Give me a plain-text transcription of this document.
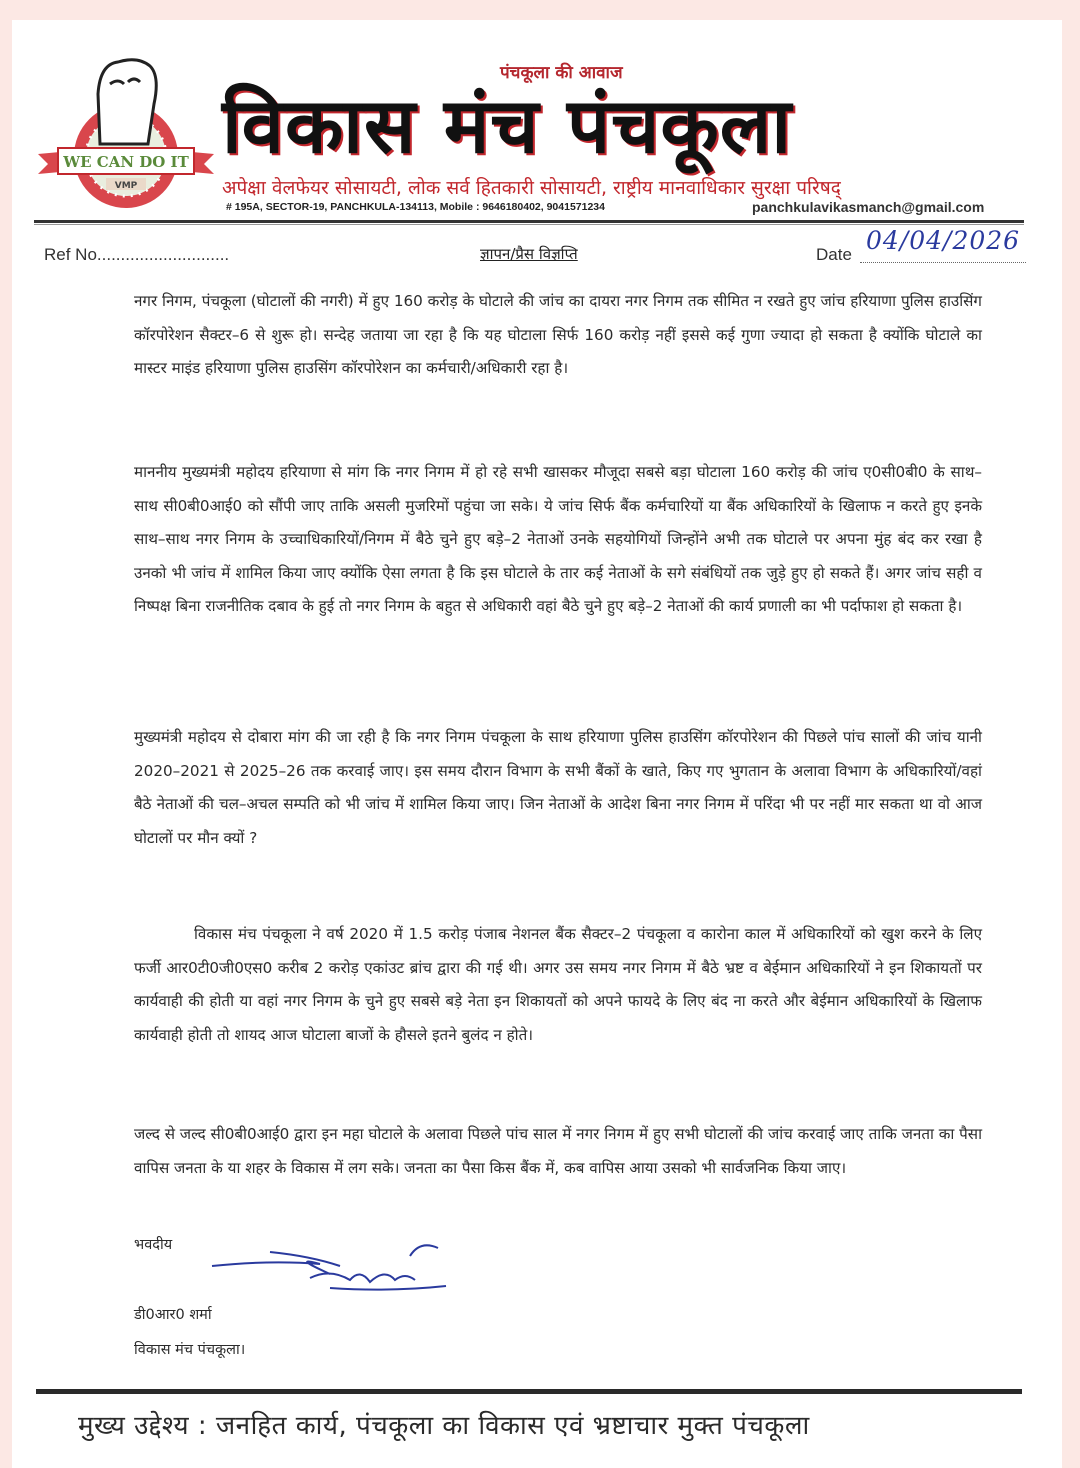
WE CAN DO IT
VMP
पंचकूला की आवाज
विकास मंच पंचकूला
अपेक्षा वेलफेयर सोसायटी, लोक सर्व हितकारी सोसायटी, राष्ट्रीय मानवाधिकार सुरक्षा परिषद्
# 195A, SECTOR-19, PANCHKULA-134113, Mobile : 9646180402, 9041571234	panchkulavikasmanch@gmail.com
Ref No............................	ज्ञापन/प्रैस विज्ञप्ति	Date 04/04/2026
नगर निगम, पंचकूला (घोटालों की नगरी) में हुए 160 करोड़ के घोटाले की जांच का दायरा नगर निगम तक सीमित न रखते हुए जांच हरियाणा पुलिस हाउसिंग कॉरपोरेशन सैक्टर–6 से शुरू हो। सन्देह जताया जा रहा है कि यह घोटाला सिर्फ 160 करोड़ नहीं इससे कई गुणा ज्यादा हो सकता है क्योंकि घोटाले का मास्टर माइंड हरियाणा पुलिस हाउसिंग कॉरपोरेशन का कर्मचारी/अधिकारी रहा है।
माननीय मुख्यमंत्री महोदय हरियाणा से मांग कि नगर निगम में हो रहे सभी खासकर मौजूदा सबसे बड़ा घोटाला 160 करोड़ की जांच ए0सी0बी0 के साथ–साथ सी0बी0आई0 को सौंपी जाए ताकि असली मुजरिमों पहुंचा जा सके। ये जांच सिर्फ बैंक कर्मचारियों या बैंक अधिकारियों के खिलाफ न करते हुए इनके साथ–साथ नगर निगम के उच्चाधिकारियों/निगम में बैठे चुने हुए बड़े–2 नेताओं उनके सहयोगियों जिन्होंने अभी तक घोटाले पर अपना मुंह बंद कर रखा है उनको भी जांच में शामिल किया जाए क्योंकि ऐसा लगता है कि इस घोटाले के तार कई नेताओं के सगे संबंधियों तक जुड़े हुए हो सकते हैं। अगर जांच सही व निष्पक्ष बिना राजनीतिक दबाव के हुई तो नगर निगम के बहुत से अधिकारी वहां बैठे चुने हुए बड़े–2 नेताओं की कार्य प्रणाली का भी पर्दाफाश हो सकता है।
मुख्यमंत्री महोदय से दोबारा मांग की जा रही है कि नगर निगम पंचकूला के साथ हरियाणा पुलिस हाउसिंग कॉरपोरेशन की पिछले पांच सालों की जांच यानी 2020–2021 से 2025–26 तक करवाई जाए। इस समय दौरान विभाग के सभी बैंकों के खाते, किए गए भुगतान के अलावा विभाग के अधिकारियों/वहां बैठे नेताओं की चल–अचल सम्पति को भी जांच में शामिल किया जाए। जिन नेताओं के आदेश बिना नगर निगम में परिंदा भी पर नहीं मार सकता था वो आज घोटालों पर मौन क्यों ?
विकास मंच पंचकूला ने वर्ष 2020 में 1.5 करोड़ पंजाब नेशनल बैंक सैक्टर–2 पंचकूला व कारोना काल में अधिकारियों को खुश करने के लिए फर्जी आर0टी0जी0एस0 करीब 2 करोड़ एकांउट ब्रांच द्वारा की गई थी। अगर उस समय नगर निगम में बैठे भ्रष्ट व बेईमान अधिकारियों ने इन शिकायतों पर कार्यवाही की होती या वहां नगर निगम के चुने हुए सबसे बड़े नेता इन शिकायतों को अपने फायदे के लिए बंद ना करते और बेईमान अधिकारियों के खिलाफ कार्यवाही होती तो शायद आज घोटाला बाजों के हौसले इतने बुलंद न होते।
जल्द से जल्द सी0बी0आई0 द्वारा इन महा घोटाले के अलावा पिछले पांच साल में नगर निगम में हुए सभी घोटालों की जांच करवाई जाए ताकि जनता का पैसा वापिस जनता के या शहर के विकास में लग सके। जनता का पैसा किस बैंक में, कब वापिस आया उसको भी सार्वजनिक किया जाए।
भवदीय
डी0आर0 शर्मा
विकास मंच पंचकूला।
मुख्य उद्देश्य : जनहित कार्य, पंचकूला का विकास एवं भ्रष्टाचार मुक्त पंचकूला
